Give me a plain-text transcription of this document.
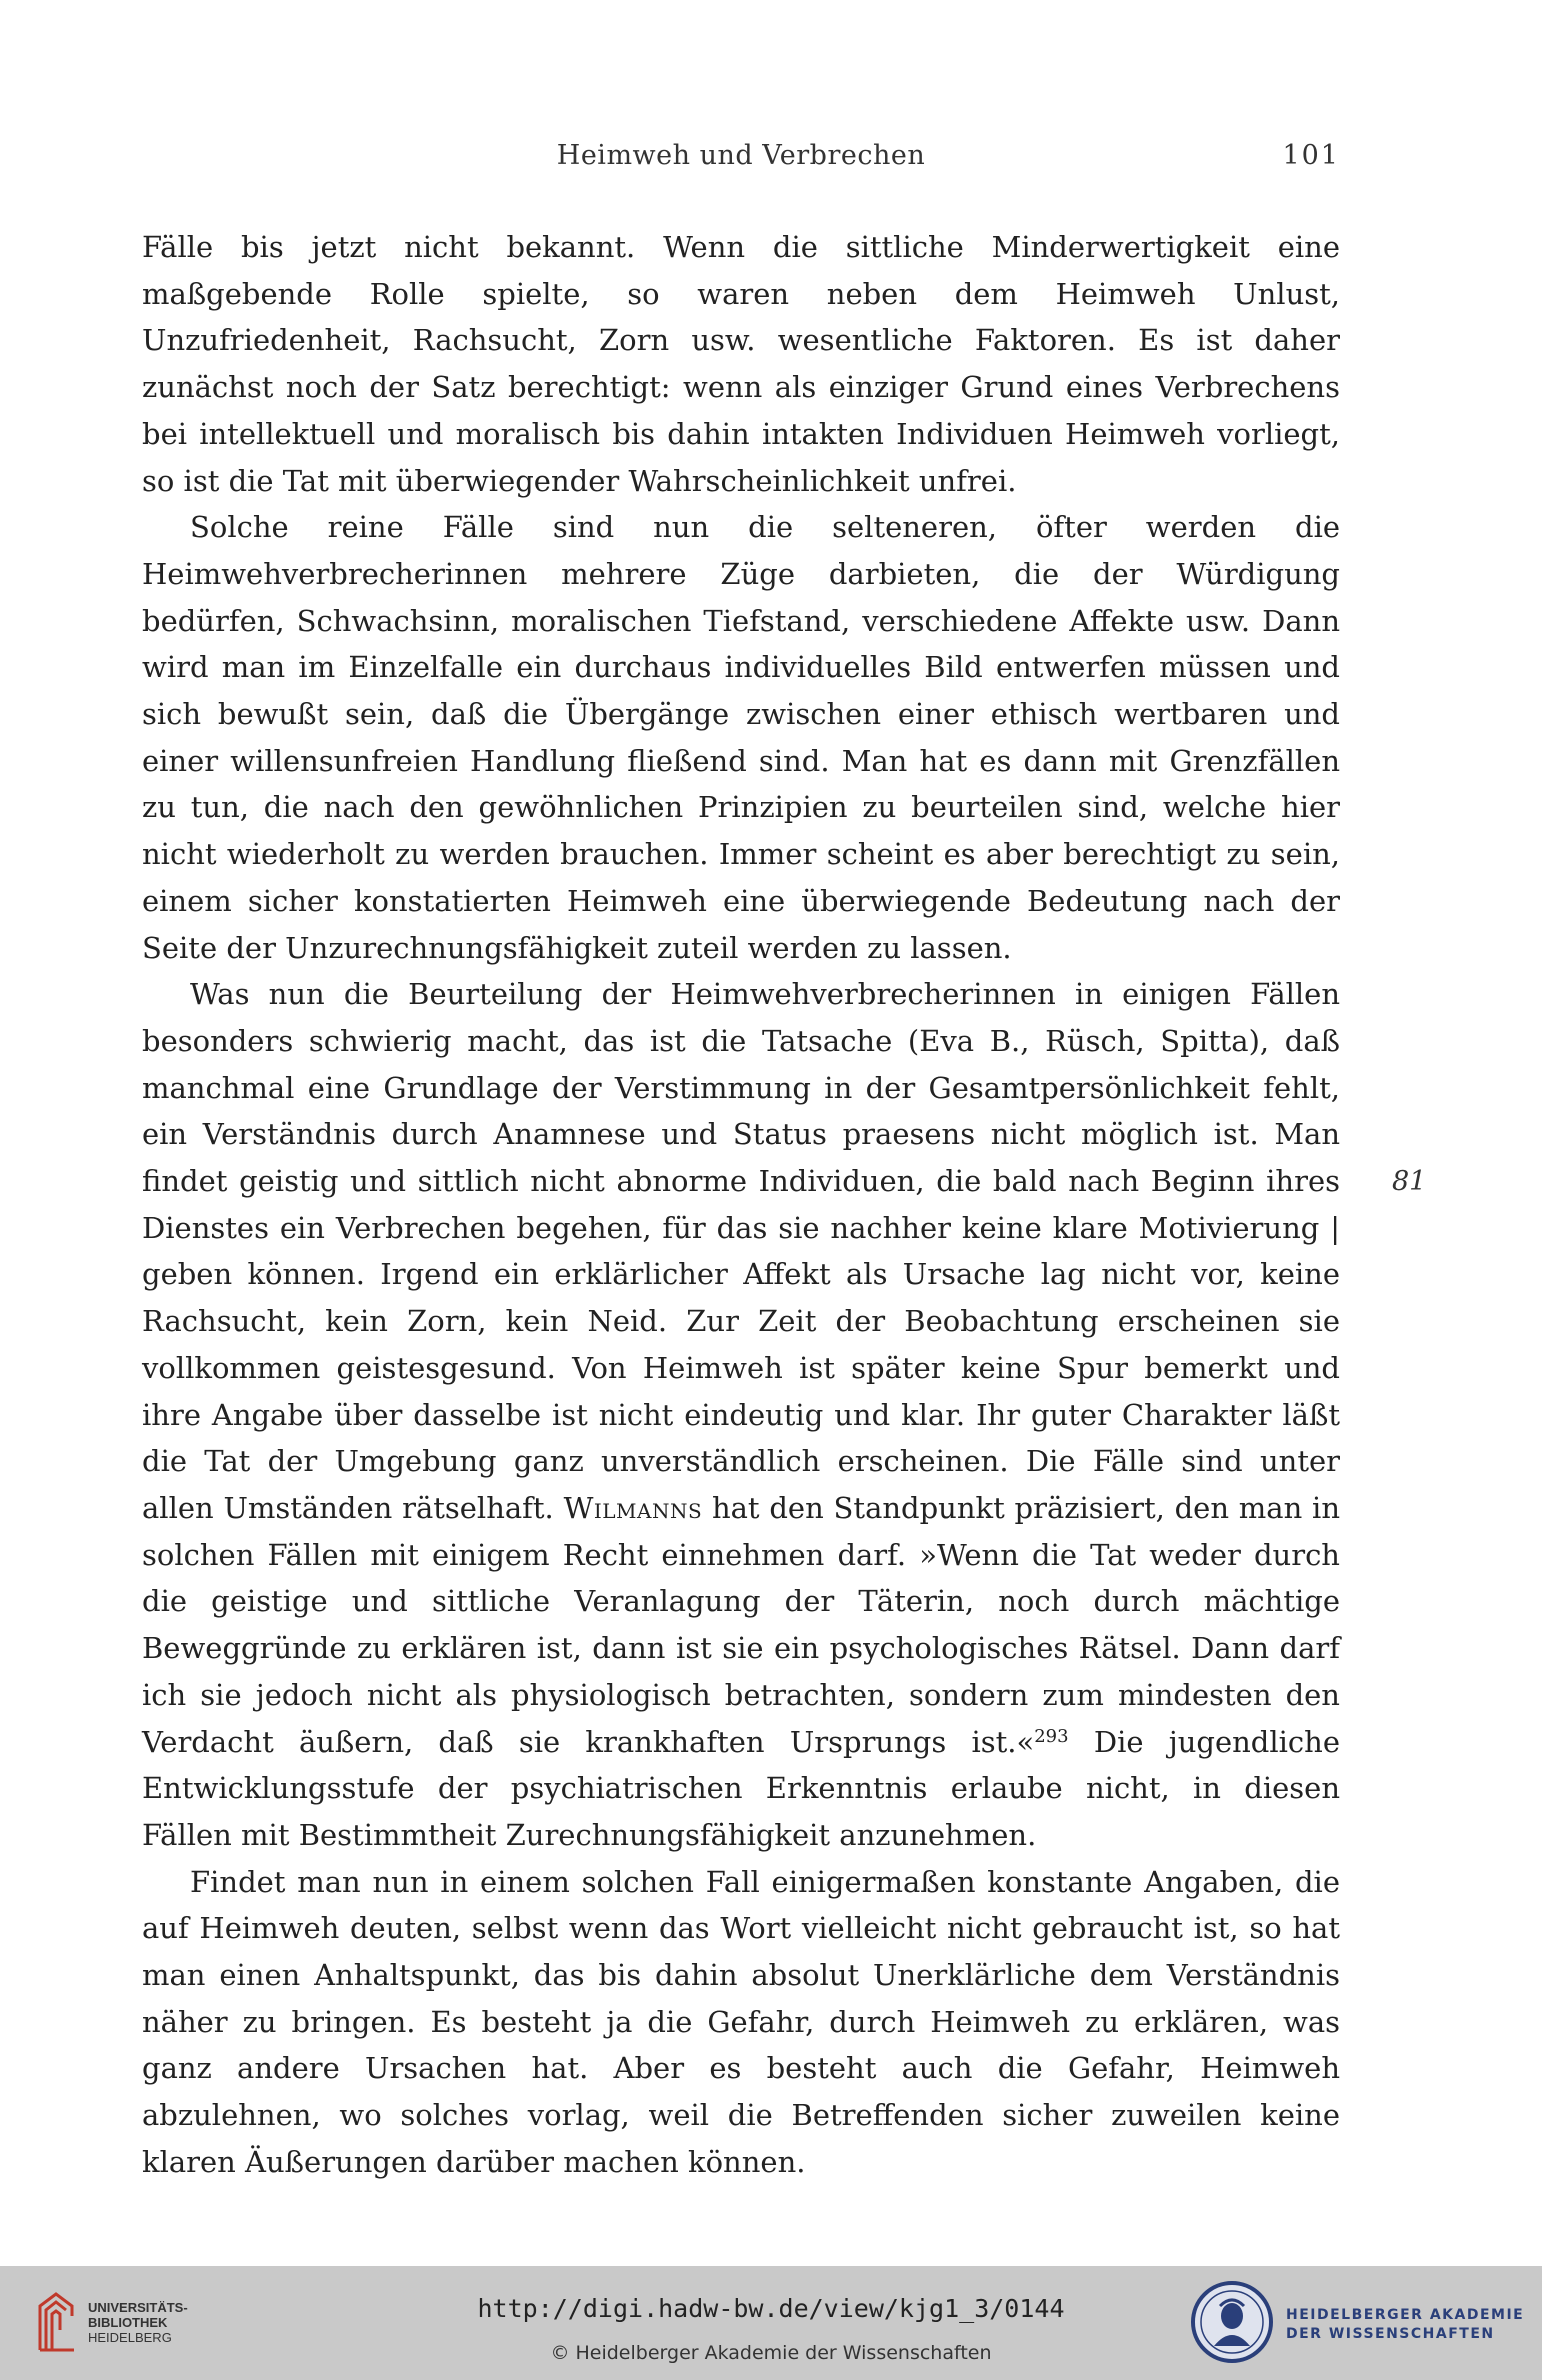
Heimweh und Verbrechen	101

Fälle bis jetzt nicht bekannt. Wenn die sittliche Minderwertigkeit eine maßgebende Rolle spielte, so waren neben dem Heimweh Unlust, Unzufriedenheit, Rachsucht, Zorn usw. wesentliche Faktoren. Es ist daher zunächst noch der Satz berechtigt: wenn als einziger Grund eines Verbrechens bei intellektuell und moralisch bis dahin intakten Individuen Heimweh vorliegt, so ist die Tat mit überwiegender Wahrscheinlichkeit unfrei.

Solche reine Fälle sind nun die selteneren, öfter werden die Heimwehverbrecherinnen mehrere Züge darbieten, die der Würdigung bedürfen, Schwachsinn, moralischen Tiefstand, verschiedene Affekte usw. Dann wird man im Einzelfalle ein durchaus individuelles Bild entwerfen müssen und sich bewußt sein, daß die Übergänge zwischen einer ethisch wertbaren und einer willensunfreien Handlung fließend sind. Man hat es dann mit Grenzfällen zu tun, die nach den gewöhnlichen Prinzipien zu beurteilen sind, welche hier nicht wiederholt zu werden brauchen. Immer scheint es aber berechtigt zu sein, einem sicher konstatierten Heimweh eine überwiegende Bedeutung nach der Seite der Unzurechnungsfähigkeit zuteil werden zu lassen.

Was nun die Beurteilung der Heimwehverbrecherinnen in einigen Fällen besonders schwierig macht, das ist die Tatsache (Eva B., Rüsch, Spitta), daß manchmal eine Grundlage der Verstimmung in der Gesamtpersönlichkeit fehlt, ein Verständnis durch Anamnese und Status praesens nicht möglich ist. Man findet geistig und sittlich nicht abnorme Individuen, die bald nach Beginn ihres Dienstes ein Verbrechen begehen, für das sie nachher keine klare Motivierung | geben können. Irgend ein erklärlicher Affekt als Ursache lag nicht vor, keine Rachsucht, kein Zorn, kein Neid. Zur Zeit der Beobachtung erscheinen sie vollkommen geistesgesund. Von Heimweh ist später keine Spur bemerkt und ihre Angabe über dasselbe ist nicht eindeutig und klar. Ihr guter Charakter läßt die Tat der Umgebung ganz unverständlich erscheinen. Die Fälle sind unter allen Umständen rätselhaft. Wilmanns hat den Standpunkt präzisiert, den man in solchen Fällen mit einigem Recht einnehmen darf. »Wenn die Tat weder durch die geistige und sittliche Veranlagung der Täterin, noch durch mächtige Beweggründe zu erklären ist, dann ist sie ein psychologisches Rätsel. Dann darf ich sie jedoch nicht als physiologisch betrachten, sondern zum mindesten den Verdacht äußern, daß sie krankhaften Ursprungs ist.«$^{293}$ Die jugendliche Entwicklungsstufe der psychiatrischen Erkenntnis erlaube nicht, in diesen Fällen mit Bestimmtheit Zurechnungsfähigkeit anzunehmen.

Findet man nun in einem solchen Fall einigermaßen konstante Angaben, die auf Heimweh deuten, selbst wenn das Wort vielleicht nicht gebraucht ist, so hat man einen Anhaltspunkt, das bis dahin absolut Unerklärliche dem Verständnis näher zu bringen. Es besteht ja die Gefahr, durch Heimweh zu erklären, was ganz andere Ursachen hat. Aber es besteht auch die Gefahr, Heimweh abzulehnen, wo solches vorlag, weil die Betreffenden sicher zuweilen keine klaren Äußerungen darüber machen können.

81
UNIVERSITÄTS-
BIBLIOTHEK
HEIDELBERG
http://digi.hadw-bw.de/view/kjg1_3/0144
© Heidelberger Akademie der Wissenschaften
HEIDELBERGER AKADEMIE
DER WISSENSCHAFTEN
